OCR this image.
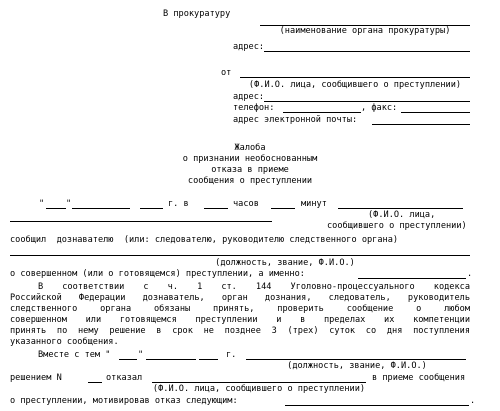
В прокуратуру
(наименование органа прокуратуры)
адрес:
от
(Ф.И.О. лица, сообщившего о преступлении)
адрес:
телефон:	, факс:
адрес электронной почты:
Жалоба
о признании необоснованным
отказа в приеме
сообщения о преступлении
"	"	г. в	часов	минут
(Ф.И.О. лица,
сообщившего о преступлении)
сообщил  дознавателю  (или: следователю, руководителю следственного органа)
(должность, звание, Ф.И.О.)
о совершенном (или о готовящемся) преступлении, а именно:	.
В соответствии с ч. 1 ст. 144 Уголовно-процессуального кодекса
Российской Федерации дознаватель, орган дознания, следователь, руководитель
следственного органа обязаны принять, проверить сообщение о любом
совершенном или готовящемся преступлении и в пределах их компетенции
принять по нему решение в срок не позднее 3 (трех) суток со дня поступления
указанного сообщения.
Вместе с тем "	"	г.
(должность, звание, Ф.И.О.)
решением N	отказал	в приеме сообщения
(Ф.И.О. лица, сообщившего о преступлении)
о преступлении, мотивировав отказ следующим:	.
